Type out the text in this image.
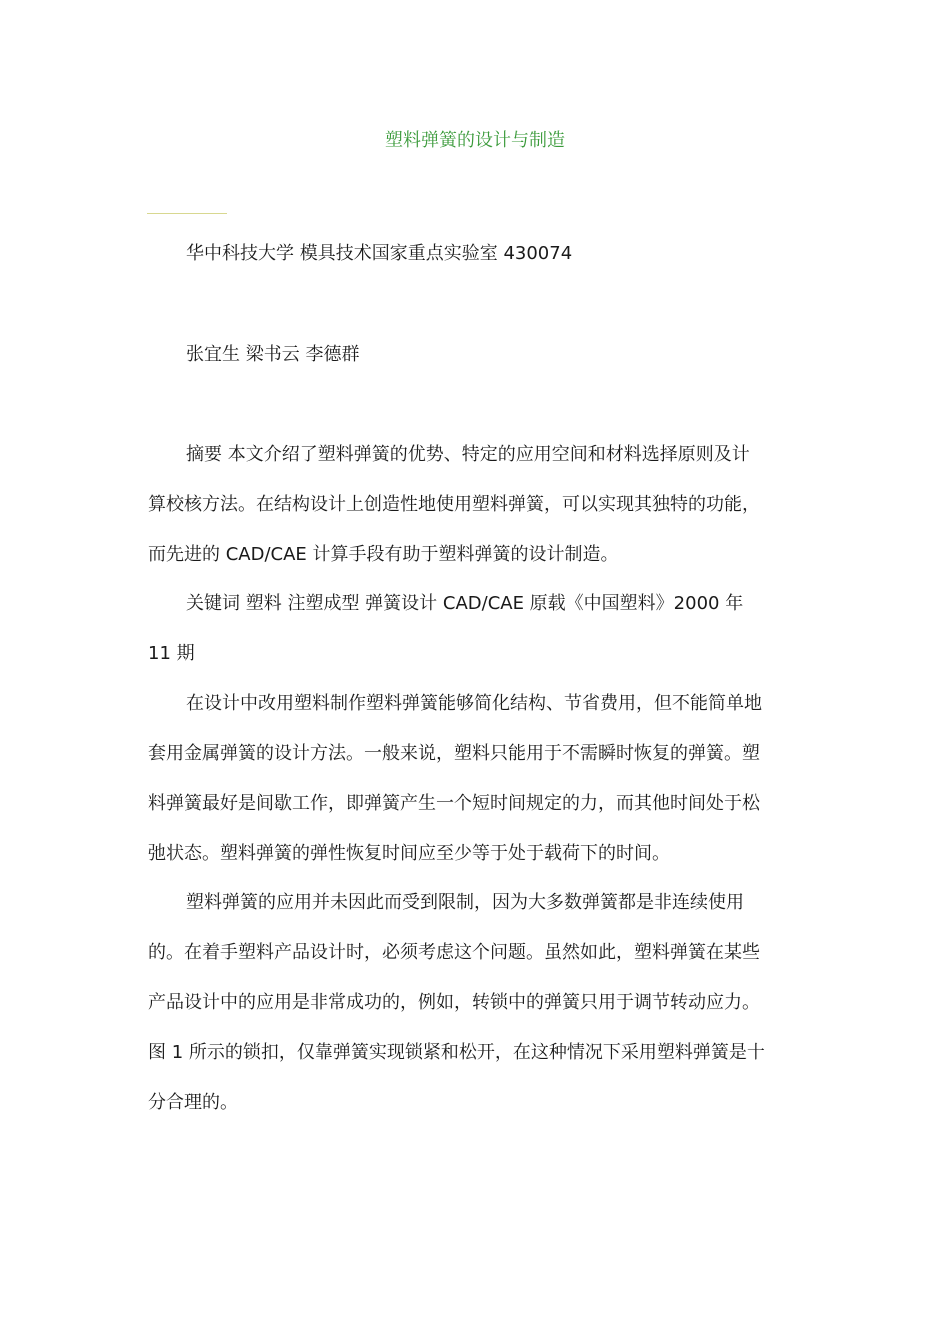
塑料弹簧的设计与制造
华中科技大学 模具技术国家重点实验室 430074
张宜生 梁书云 李德群
摘要 本文介绍了塑料弹簧的优势、特定的应用空间和材料选择原则及计
算校核方法。在结构设计上创造性地使用塑料弹簧，可以实现其独特的功能，
而先进的 CAD/CAE 计算手段有助于塑料弹簧的设计制造。
关键词 塑料 注塑成型 弹簧设计 CAD/CAE 原载《中国塑料》2000 年
11 期
在设计中改用塑料制作塑料弹簧能够简化结构、节省费用，但不能简单地
套用金属弹簧的设计方法。一般来说，塑料只能用于不需瞬时恢复的弹簧。塑
料弹簧最好是间歇工作，即弹簧产生一个短时间规定的力，而其他时间处于松
弛状态。塑料弹簧的弹性恢复时间应至少等于处于载荷下的时间。
塑料弹簧的应用并未因此而受到限制，因为大多数弹簧都是非连续使用
的。在着手塑料产品设计时，必须考虑这个问题。虽然如此，塑料弹簧在某些
产品设计中的应用是非常成功的，例如，转锁中的弹簧只用于调节转动应力。
图 1 所示的锁扣，仅靠弹簧实现锁紧和松开，在这种情况下采用塑料弹簧是十
分合理的。
